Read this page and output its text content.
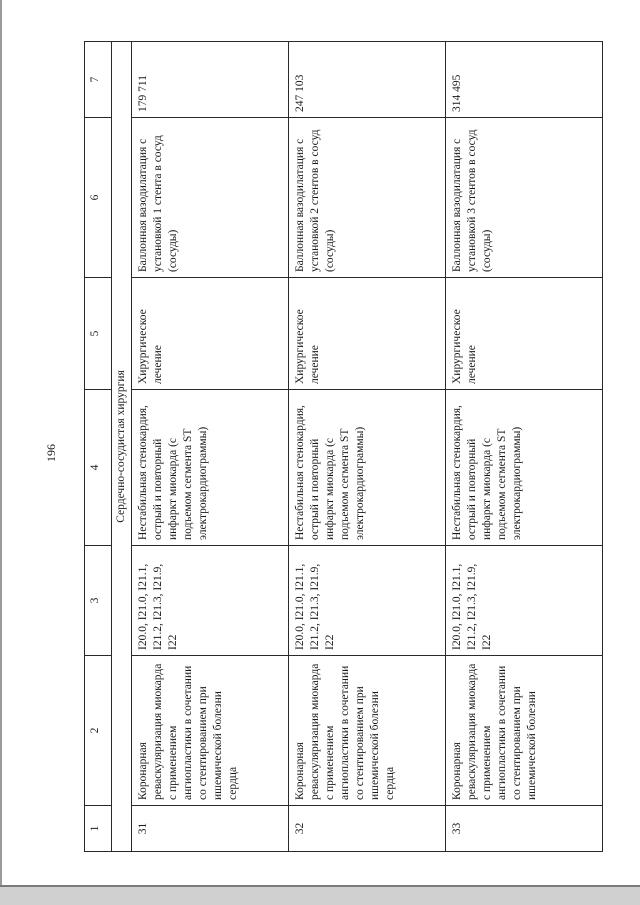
196
1	2	3	4	5	6	7
Сердечно-сосудистая хирургия						
31	Коронарная реваскуляризация миокарда с применением ангиопластики в сочетании со стентированием при ишемической болезни сердца	I20.0, I21.0, I21.1, I21.2, I21.3, I21.9, I22	Нестабильная стенокардия, острый и повторный инфаркт миокарда (с подъемом сегмента ST электрокардиограммы)	Хирургическое лечение	Баллонная вазодилатация с установкой 1 стента в сосуд (сосуды)	179 711
32	Коронарная реваскуляризация миокарда с применением ангиопластики в сочетании со стентированием при ишемической болезни сердца	I20.0, I21.0, I21.1, I21.2, I21.3, I21.9, I22	Нестабильная стенокардия, острый и повторный инфаркт миокарда (с подъемом сегмента ST электрокардиограммы)	Хирургическое лечение	Баллонная вазодилатация с установкой 2 стентов в сосуд (сосуды)	247 103
33	Коронарная реваскуляризация миокарда с применением ангиопластики в сочетании со стентированием при ишемической болезни	I20.0, I21.0, I21.1, I21.2, I21.3, I21.9, I22	Нестабильная стенокардия, острый и повторный инфаркт миокарда (с подъемом сегмента ST электрокардиограммы)	Хирургическое лечение	Баллонная вазодилатация с установкой 3 стентов в сосуд (сосуды)	314 495
